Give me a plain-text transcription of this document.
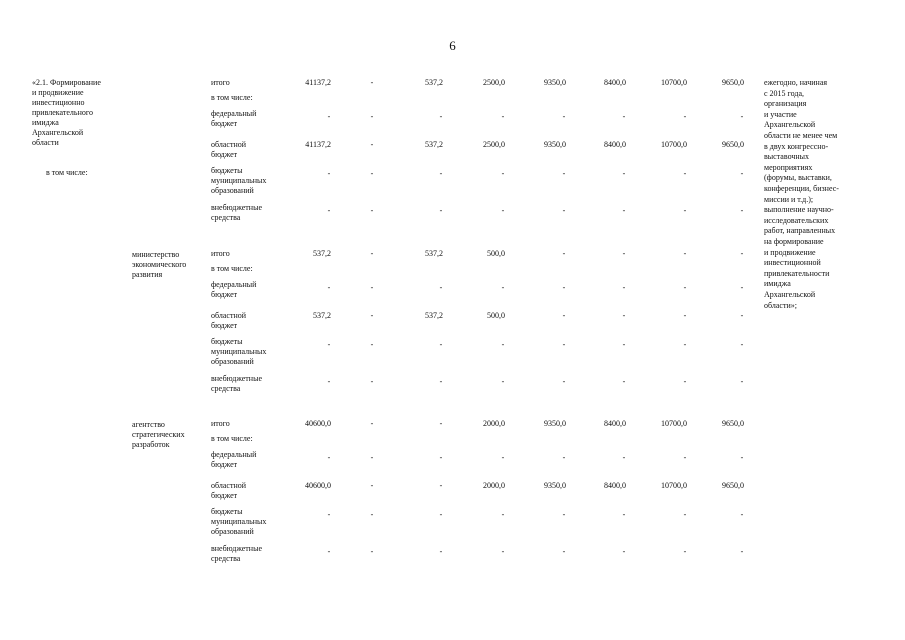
6
«2.1. Формирование
и продвижение
инвестиционно
привлекательного
имиджа
Архангельской
области
в том числе:
ежегодно, начиная
с 2015 года,
организация
и участие
Архангельской
области не менее чем
в двух конгрессно-
выставочных
мероприятиях
(форумы, выставки,
конференции, бизнес-
миссии и т.д.);
выполнение научно-
исследовательских
работ, направленных
на формирование
и продвижение
инвестиционной
привлекательности
имиджа
Архангельской
области»;
итого	41137,2	-	537,2	2500,0	9350,0	8400,0	10700,0	9650,0
в том числе:
федеральный
бюджет
-	-	-	-	-	-	-	-
областной
бюджет
41137,2	-	537,2	2500,0	9350,0	8400,0	10700,0	9650,0
бюджеты
муниципальных
образований
-	-	-	-	-	-	-	-
внебюджетные
средства
-	-	-	-	-	-	-	-
министерство
экономического
развития
итого	537,2	-	537,2	500,0	-	-	-	-
в том числе:
федеральный
бюджет
-	-	-	-	-	-	-	-
областной
бюджет
537,2	-	537,2	500,0	-	-	-	-
бюджеты
муниципальных
образований
-	-	-	-	-	-	-	-
внебюджетные
средства
-	-	-	-	-	-	-	-
агентство
стратегических
разработок
итого	40600,0	-	-	2000,0	9350,0	8400,0	10700,0	9650,0
в том числе:
федеральный
бюджет
-	-	-	-	-	-	-	-
областной
бюджет
40600,0	-	-	2000,0	9350,0	8400,0	10700,0	9650,0
бюджеты
муниципальных
образований
-	-	-	-	-	-	-	-
внебюджетные
средства
-	-	-	-	-	-	-	-
